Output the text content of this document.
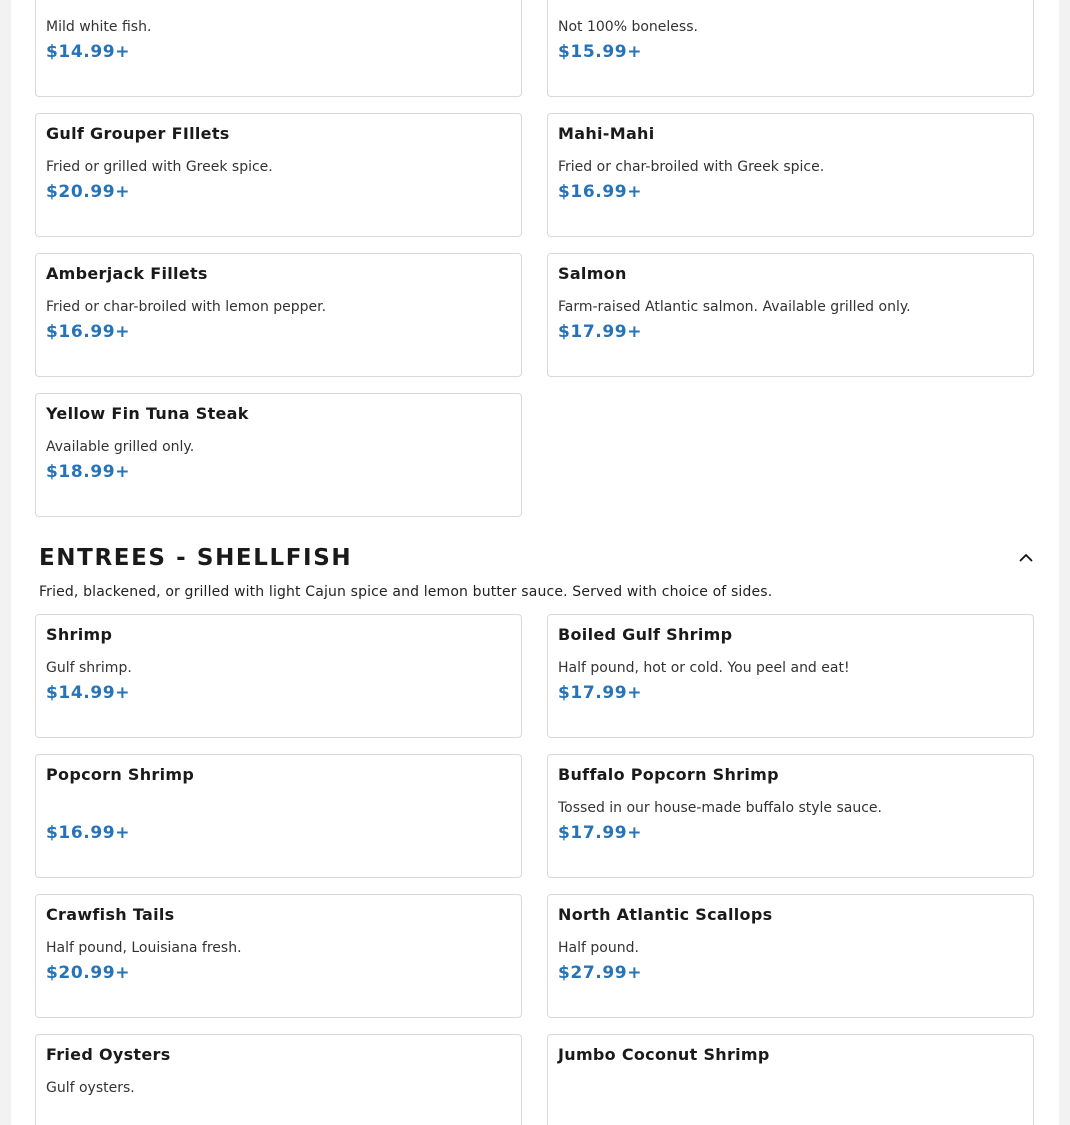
Mild white fish.
$14.99+
Not 100% boneless.
$15.99+
Gulf Grouper FIllets
Fried or grilled with Greek spice.
$20.99+
Mahi-Mahi
Fried or char-broiled with Greek spice.
$16.99+
Amberjack Fillets
Fried or char-broiled with lemon pepper.
$16.99+
Salmon
Farm-raised Atlantic salmon. Available grilled only.
$17.99+
Yellow Fin Tuna Steak
Available grilled only.
$18.99+
ENTREES - SHELLFISH
Fried, blackened, or grilled with light Cajun spice and lemon butter sauce. Served with choice of sides.
Shrimp
Gulf shrimp.
$14.99+
Boiled Gulf Shrimp
Half pound, hot or cold. You peel and eat!
$17.99+
Popcorn Shrimp
$16.99+
Buffalo Popcorn Shrimp
Tossed in our house-made buffalo style sauce.
$17.99+
Crawfish Tails
Half pound, Louisiana fresh.
$20.99+
North Atlantic Scallops
Half pound.
$27.99+
Fried Oysters
Gulf oysters.
Jumbo Coconut Shrimp
